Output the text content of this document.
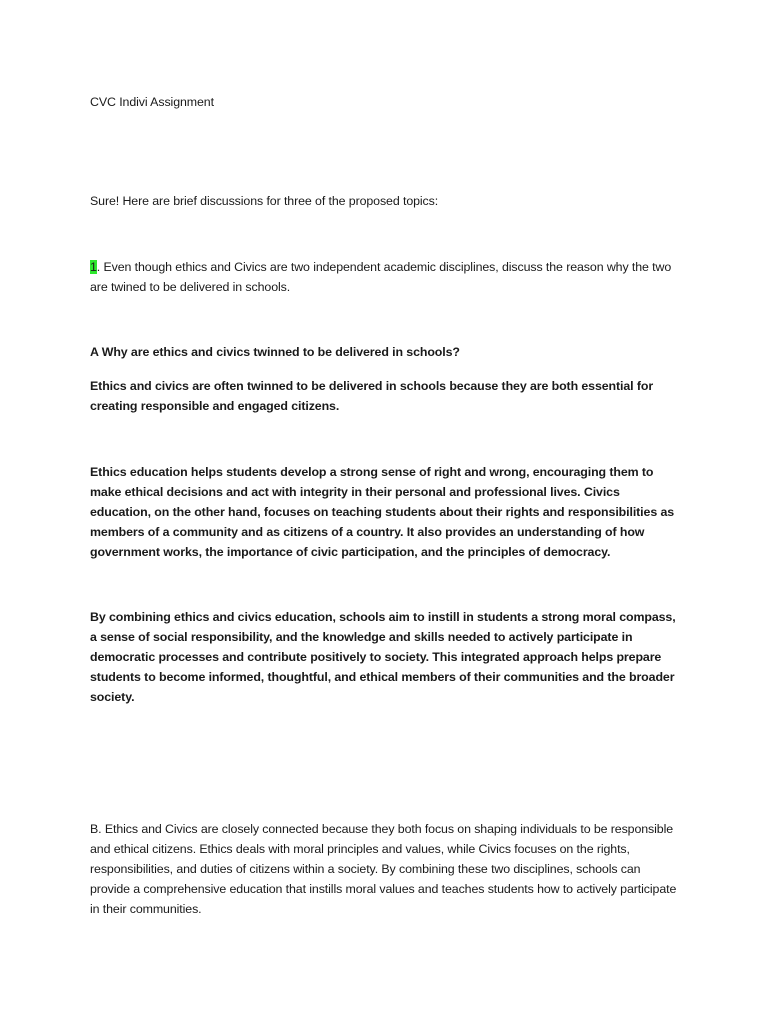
CVC Indivi Assignment

Sure! Here are brief discussions for three of the proposed topics:

1. Even though ethics and Civics are two independent academic disciplines, discuss the reason why the two are twined to be delivered in schools.

A Why are ethics and civics twinned to be delivered in schools?

Ethics and civics are often twinned to be delivered in schools because they are both essential for creating responsible and engaged citizens.

Ethics education helps students develop a strong sense of right and wrong, encouraging them to make ethical decisions and act with integrity in their personal and professional lives. Civics education, on the other hand, focuses on teaching students about their rights and responsibilities as members of a community and as citizens of a country. It also provides an understanding of how government works, the importance of civic participation, and the principles of democracy.

By combining ethics and civics education, schools aim to instill in students a strong moral compass, a sense of social responsibility, and the knowledge and skills needed to actively participate in democratic processes and contribute positively to society. This integrated approach helps prepare students to become informed, thoughtful, and ethical members of their communities and the broader society.

B. Ethics and Civics are closely connected because they both focus on shaping individuals to be responsible and ethical citizens. Ethics deals with moral principles and values, while Civics focuses on the rights, responsibilities, and duties of citizens within a society. By combining these two disciplines, schools can provide a comprehensive education that instills moral values and teaches students how to actively participate in their communities.
